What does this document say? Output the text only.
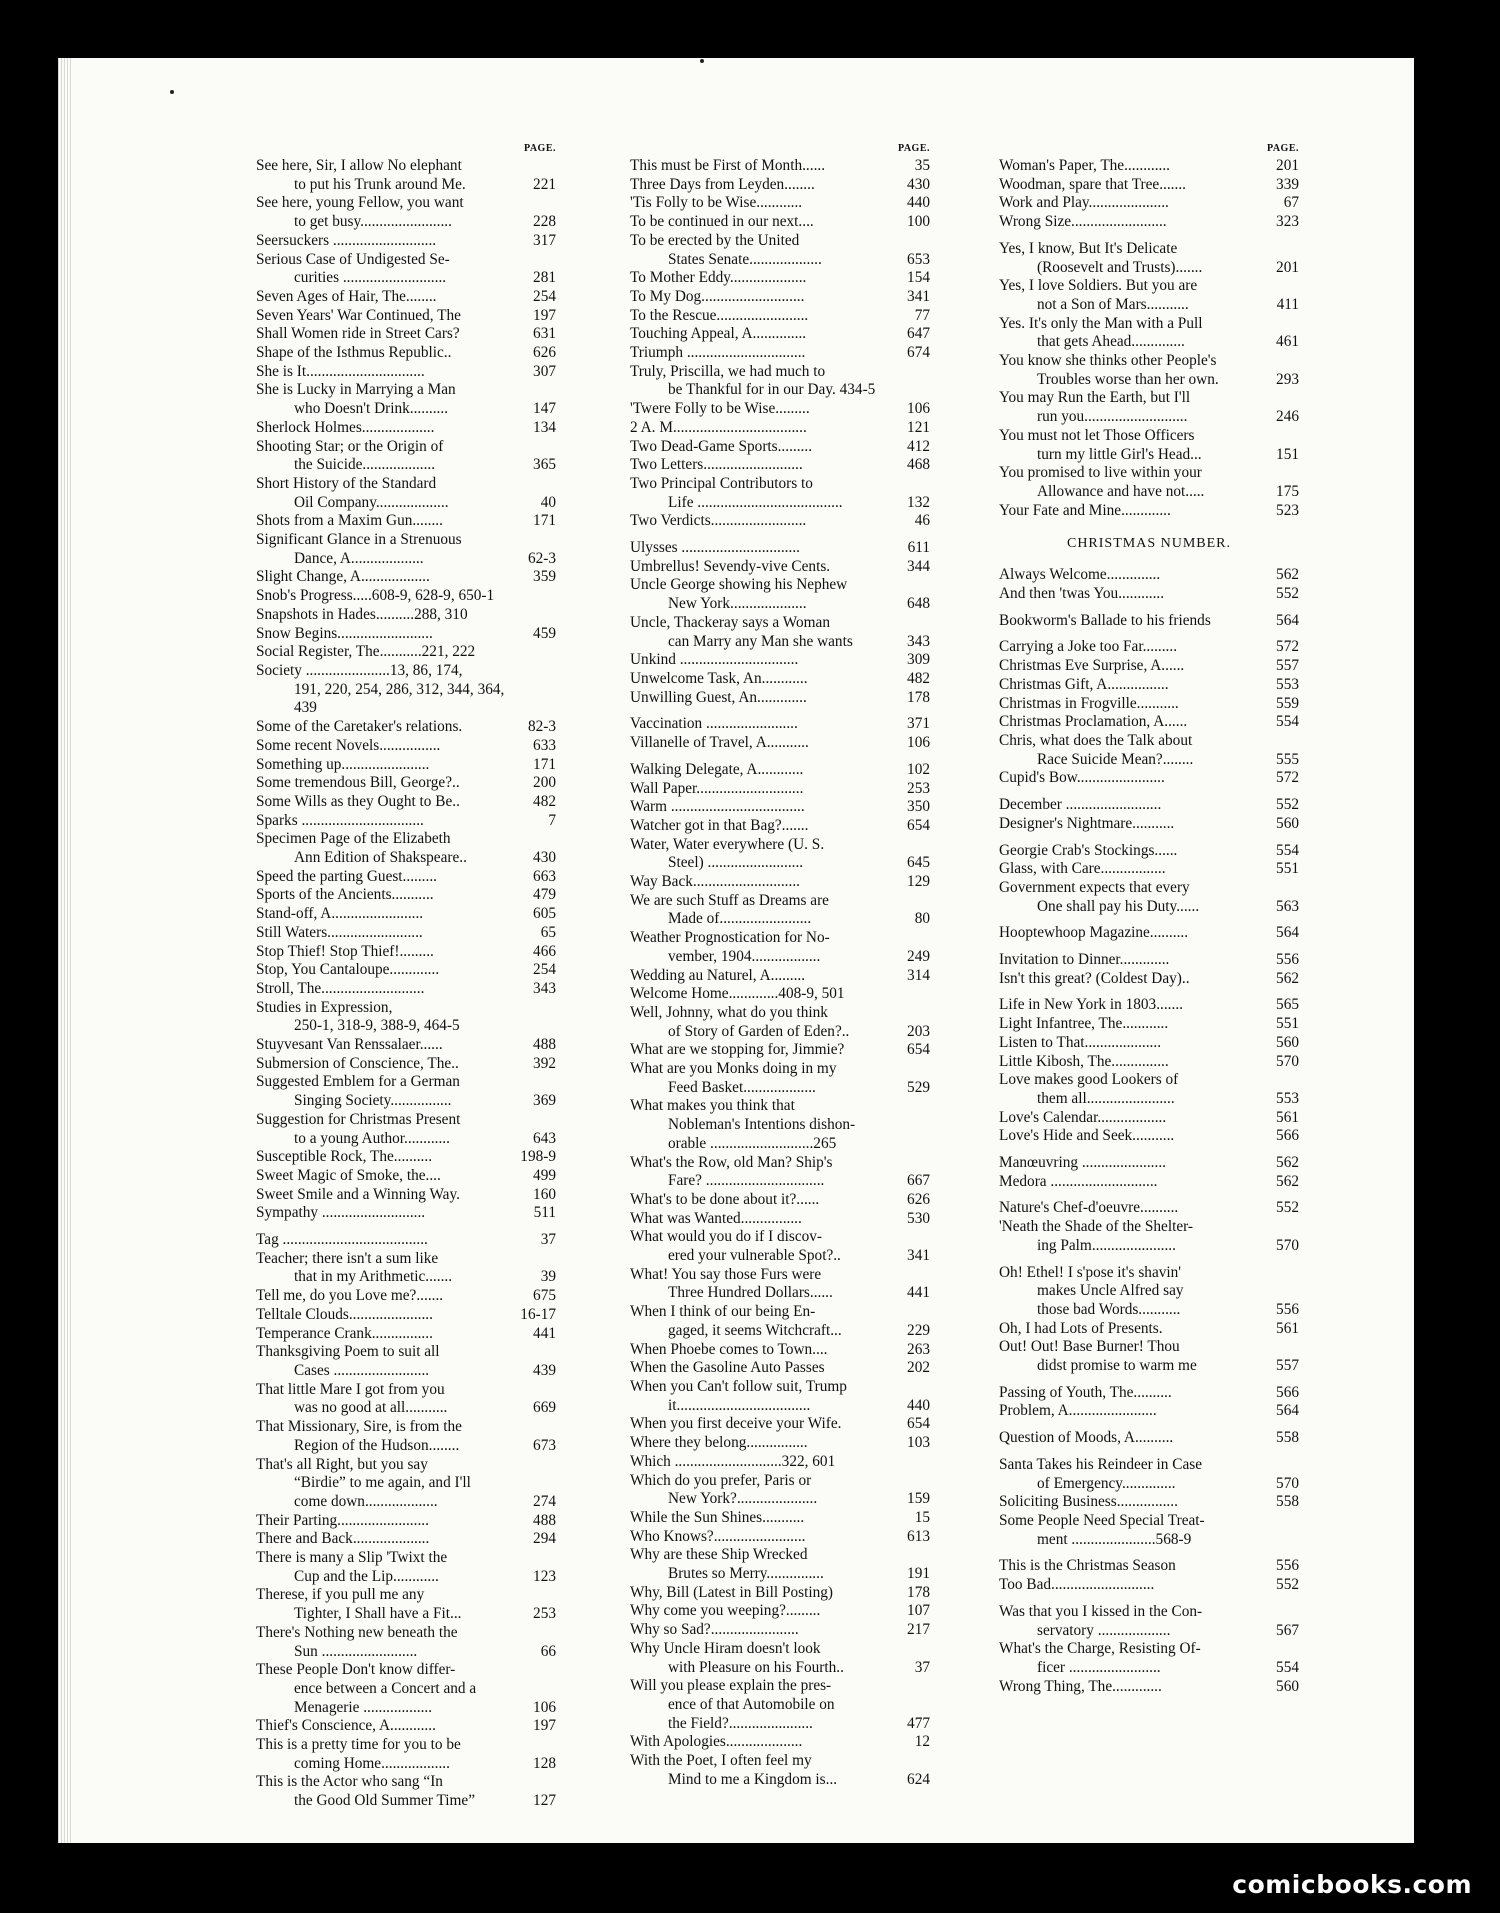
PAGE.
See here, Sir, I allow No elephant
to put his Trunk around Me.	221
See here, young Fellow, you want
to get busy........................	228
Seersuckers ...........................	317
Serious Case of Undigested Se-
curities ...........................	281
Seven Ages of Hair, The........	254
Seven Years' War Continued, The	197
Shall Women ride in Street Cars?	631
Shape of the Isthmus Republic..	626
She is It...............................	307
She is Lucky in Marrying a Man
who Doesn't Drink..........	147
Sherlock Holmes...................	134
Shooting Star; or the Origin of
the Suicide...................	365
Short History of the Standard
Oil Company...................	40
Shots from a Maxim Gun........	171
Significant Glance in a Strenuous
Dance, A...................	62-3
Slight Change, A..................	359
Snob's Progress.....608-9, 628-9, 650-1
Snapshots in Hades..........288, 310
Snow Begins.........................	459
Social Register, The...........221, 222
Society ......................13, 86, 174,
191, 220, 254, 286, 312, 344, 364, 439
Some of the Caretaker's relations.	82-3
Some recent Novels................	633
Something up.......................	171
Some tremendous Bill, George?..	200
Some Wills as they Ought to Be..	482
Sparks ................................	7
Specimen Page of the Elizabeth
Ann Edition of Shakspeare..	430
Speed the parting Guest.........	663
Sports of the Ancients...........	479
Stand-off, A........................	605
Still Waters.........................	65
Stop Thief! Stop Thief!.........	466
Stop, You Cantaloupe.............	254
Stroll, The...........................	343
Studies in Expression,
250-1, 318-9, 388-9, 464-5
Stuyvesant Van Renssalaer......	488
Submersion of Conscience, The..	392
Suggested Emblem for a German
Singing Society................	369
Suggestion for Christmas Present
to a young Author............	643
Susceptible Rock, The..........	198-9
Sweet Magic of Smoke, the....	499
Sweet Smile and a Winning Way.	160
Sympathy ...........................	511
Tag ......................................	37
Teacher; there isn't a sum like
that in my Arithmetic.......	39
Tell me, do you Love me?.......	675
Telltale Clouds......................	16-17
Temperance Crank................	441
Thanksgiving Poem to suit all
Cases .........................	439
That little Mare I got from you
was no good at all...........	669
That Missionary, Sire, is from the
Region of the Hudson........	673
That's all Right, but you say
“Birdie” to me again, and I'll
come down...................	274
Their Parting........................	488
There and Back....................	294
There is many a Slip 'Twixt the
Cup and the Lip............	123
Therese, if you pull me any
Tighter, I Shall have a Fit...	253
There's Nothing new beneath the
Sun .........................	66
These People Don't know differ-
ence between a Concert and a
Menagerie ..................	106
Thief's Conscience, A............	197
This is a pretty time for you to be
coming Home..................	128
This is the Actor who sang “In
the Good Old Summer Time”	127
PAGE.
This must be First of Month......	35
Three Days from Leyden........	430
'Tis Folly to be Wise............	440
To be continued in our next....	100
To be erected by the United
States Senate...................	653
To Mother Eddy....................	154
To My Dog...........................	341
To the Rescue........................	77
Touching Appeal, A..............	647
Triumph ...............................	674
Truly, Priscilla, we had much to
be Thankful for in our Day. 434-5
'Twere Folly to be Wise.........	106
2 A. M...................................	121
Two Dead-Game Sports.........	412
Two Letters..........................	468
Two Principal Contributors to
Life ......................................	132
Two Verdicts.........................	46
Ulysses ...............................	611
Umbrellus! Sevendy-vive Cents.	344
Uncle George showing his Nephew
New York....................	648
Uncle, Thackeray says a Woman
can Marry any Man she wants	343
Unkind ...............................	309
Unwelcome Task, An............	482
Unwilling Guest, An.............	178
Vaccination ........................	371
Villanelle of Travel, A...........	106
Walking Delegate, A............	102
Wall Paper............................	253
Warm ...................................	350
Watcher got in that Bag?.......	654
Water, Water everywhere (U. S.
Steel) .........................	645
Way Back............................	129
We are such Stuff as Dreams are
Made of........................	80
Weather Prognostication for No-
vember, 1904..................	249
Wedding au Naturel, A.........	314
Welcome Home.............408-9, 501
Well, Johnny, what do you think
of Story of Garden of Eden?..	203
What are we stopping for, Jimmie?	654
What are you Monks doing in my
Feed Basket...................	529
What makes you think that
Nobleman's Intentions dishon-
orable ...........................265
What's the Row, old Man? Ship's
Fare? ...............................	667
What's to be done about it?......	626
What was Wanted................	530
What would you do if I discov-
ered your vulnerable Spot?..	341
What! You say those Furs were
Three Hundred Dollars......	441
When I think of our being En-
gaged, it seems Witchcraft...	229
When Phoebe comes to Town....	263
When the Gasoline Auto Passes	202
When you Can't follow suit, Trump
it...................................	440
When you first deceive your Wife.	654
Where they belong................	103
Which ............................322, 601
Which do you prefer, Paris or
New York?.....................	159
While the Sun Shines...........	15
Who Knows?........................	613
Why are these Ship Wrecked
Brutes so Merry...............	191
Why, Bill (Latest in Bill Posting)	178
Why come you weeping?.........	107
Why so Sad?.......................	217
Why Uncle Hiram doesn't look
with Pleasure on his Fourth..	37
Will you please explain the pres-
ence of that Automobile on
the Field?......................	477
With Apologies....................	12
With the Poet, I often feel my
Mind to me a Kingdom is...	624
PAGE.
Woman's Paper, The............	201
Woodman, spare that Tree.......	339
Work and Play.....................	67
Wrong Size.........................	323
Yes, I know, But It's Delicate
(Roosevelt and Trusts).......	201
Yes, I love Soldiers. But you are
not a Son of Mars...........	411
Yes. It's only the Man with a Pull
that gets Ahead..............	461
You know she thinks other People's
Troubles worse than her own.	293
You may Run the Earth, but I'll
run you...........................	246
You must not let Those Officers
turn my little Girl's Head...	151
You promised to live within your
Allowance and have not.....	175
Your Fate and Mine.............	523
CHRISTMAS NUMBER.
Always Welcome..............	562
And then 'twas You............	552
Bookworm's Ballade to his friends	564
Carrying a Joke too Far.........	572
Christmas Eve Surprise, A......	557
Christmas Gift, A................	553
Christmas in Frogville...........	559
Christmas Proclamation, A......	554
Chris, what does the Talk about
Race Suicide Mean?........	555
Cupid's Bow.......................	572
December .........................	552
Designer's Nightmare...........	560
Georgie Crab's Stockings......	554
Glass, with Care.................	551
Government expects that every
One shall pay his Duty......	563
Hooptewhoop Magazine..........	564
Invitation to Dinner.............	556
Isn't this great? (Coldest Day)..	562
Life in New York in 1803.......	565
Light Infantree, The............	551
Listen to That....................	560
Little Kibosh, The...............	570
Love makes good Lookers of
them all.......................	553
Love's Calendar..................	561
Love's Hide and Seek...........	566
Manœuvring ......................	562
Medora ............................	562
Nature's Chef-d'oeuvre..........	552
'Neath the Shade of the Shelter-
ing Palm......................	570
Oh! Ethel! I s'pose it's shavin'
makes Uncle Alfred say
those bad Words...........	556
Oh, I had Lots of Presents.	561
Out! Out! Base Burner! Thou
didst promise to warm me	557
Passing of Youth, The..........	566
Problem, A.......................	564
Question of Moods, A..........	558
Santa Takes his Reindeer in Case
of Emergency..............	570
Soliciting Business................	558
Some People Need Special Treat-
ment ......................568-9
This is the Christmas Season	556
Too Bad...........................	552
Was that you I kissed in the Con-
servatory ...................	567
What's the Charge, Resisting Of-
ficer ........................	554
Wrong Thing, The.............	560
comicbooks.com
